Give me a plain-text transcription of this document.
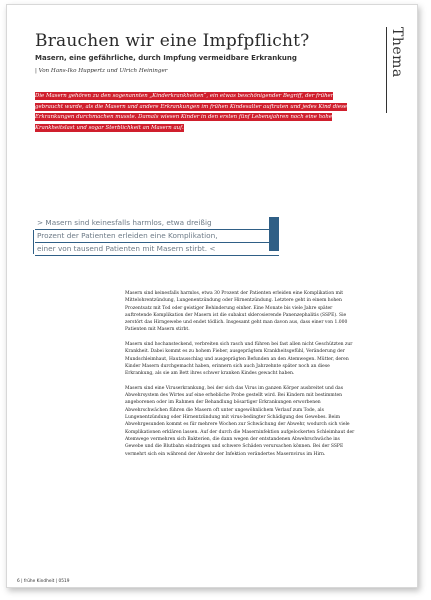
Brauchen wir eine Impfpflicht?
Masern, eine gefährliche, durch Impfung vermeidbare Erkrankung
| Von Hans-Iko Huppertz und Ulrich Heininger	Thema
Die Masern gehören zu den sogenannten „Kinderkrankheiten“, ein etwas beschönigender Begriff, der früher gebraucht wurde, als die Masern und andere Erkrankungen im frühen Kindesalter auftraten und jedes Kind diese Erkrankungen durchmachen musste. Damals wiesen Kinder in den ersten fünf Lebensjahren noch eine hohe Krankheitslast und sogar Sterblichkeit an Masern auf.
> Masern sind keinesfalls harmlos, etwa dreißig
Prozent der Patienten erleiden eine Komplikation,
einer von tausend Patienten mit Masern stirbt. <

Masern sind keinesfalls harmlos, etwa 30 Prozent der Patienten erleiden eine Komplikation mit Mittelohrentzündung, Lungenentzündung oder Hirnentzündung. Letztere geht in einem hohen Prozentsatz mit Tod oder geistiger Behinderung einher. Eine Monate bis viele Jahre später auftretende Komplikation der Masern ist die subakut sklerosierende Panenzephalitis (SSPE). Sie zerstört das Hirngewebe und endet tödlich. Insgesamt geht man davon aus, dass einer von 1.000 Patienten mit Masern stirbt.

Masern sind hochansteckend, verbreiten sich rasch und führen bei fast allen nicht Geschützten zur Krankheit. Dabei kommt es zu hohem Fieber, ausgeprägtem Krankheitsgefühl, Veränderung der Mundschleimhaut, Hautausschlag und ausgeprägten Befunden an den Atemwegen. Mütter, deren Kinder Masern durchgemacht haben, erinnern sich auch Jahrzehnte später noch an diese Erkrankung, als sie am Bett ihres schwer kranken Kindes gewacht haben.

Masern sind eine Viruserkrankung, bei der sich das Virus im ganzen Körper ausbreitet und das Abwehrsystem des Wirtes auf eine erhebliche Probe gestellt wird. Bei Kindern mit bestimmten angeborenen oder im Rahmen der Behandlung bösartiger Erkrankungen erworbenen Abwehrschwächen führen die Masern oft unter ungewöhnlichem Verlauf zum Tode, als Lungenentzündung oder Hirnentzündung mit virus-bedingter Schädigung des Gewebes. Beim Abwehrgesunden kommt es für mehrere Wochen zur Schwächung der Abwehr, wodurch sich viele Komplikationen erklären lassen. Auf der durch die Maserninfektion aufgelockerten Schleimhaut der Atemwege vermehren sich Bakterien, die dann wegen der entstandenen Abwehrschwäche ins Gewebe und die Blutbahn eindringen und schwere Schäden verursachen können. Bei der SSPE vermehrt sich ein während der Abwehr der Infektion verändertes Masernvirus im Hirn.

6 | frühe Kindheit | 0519
